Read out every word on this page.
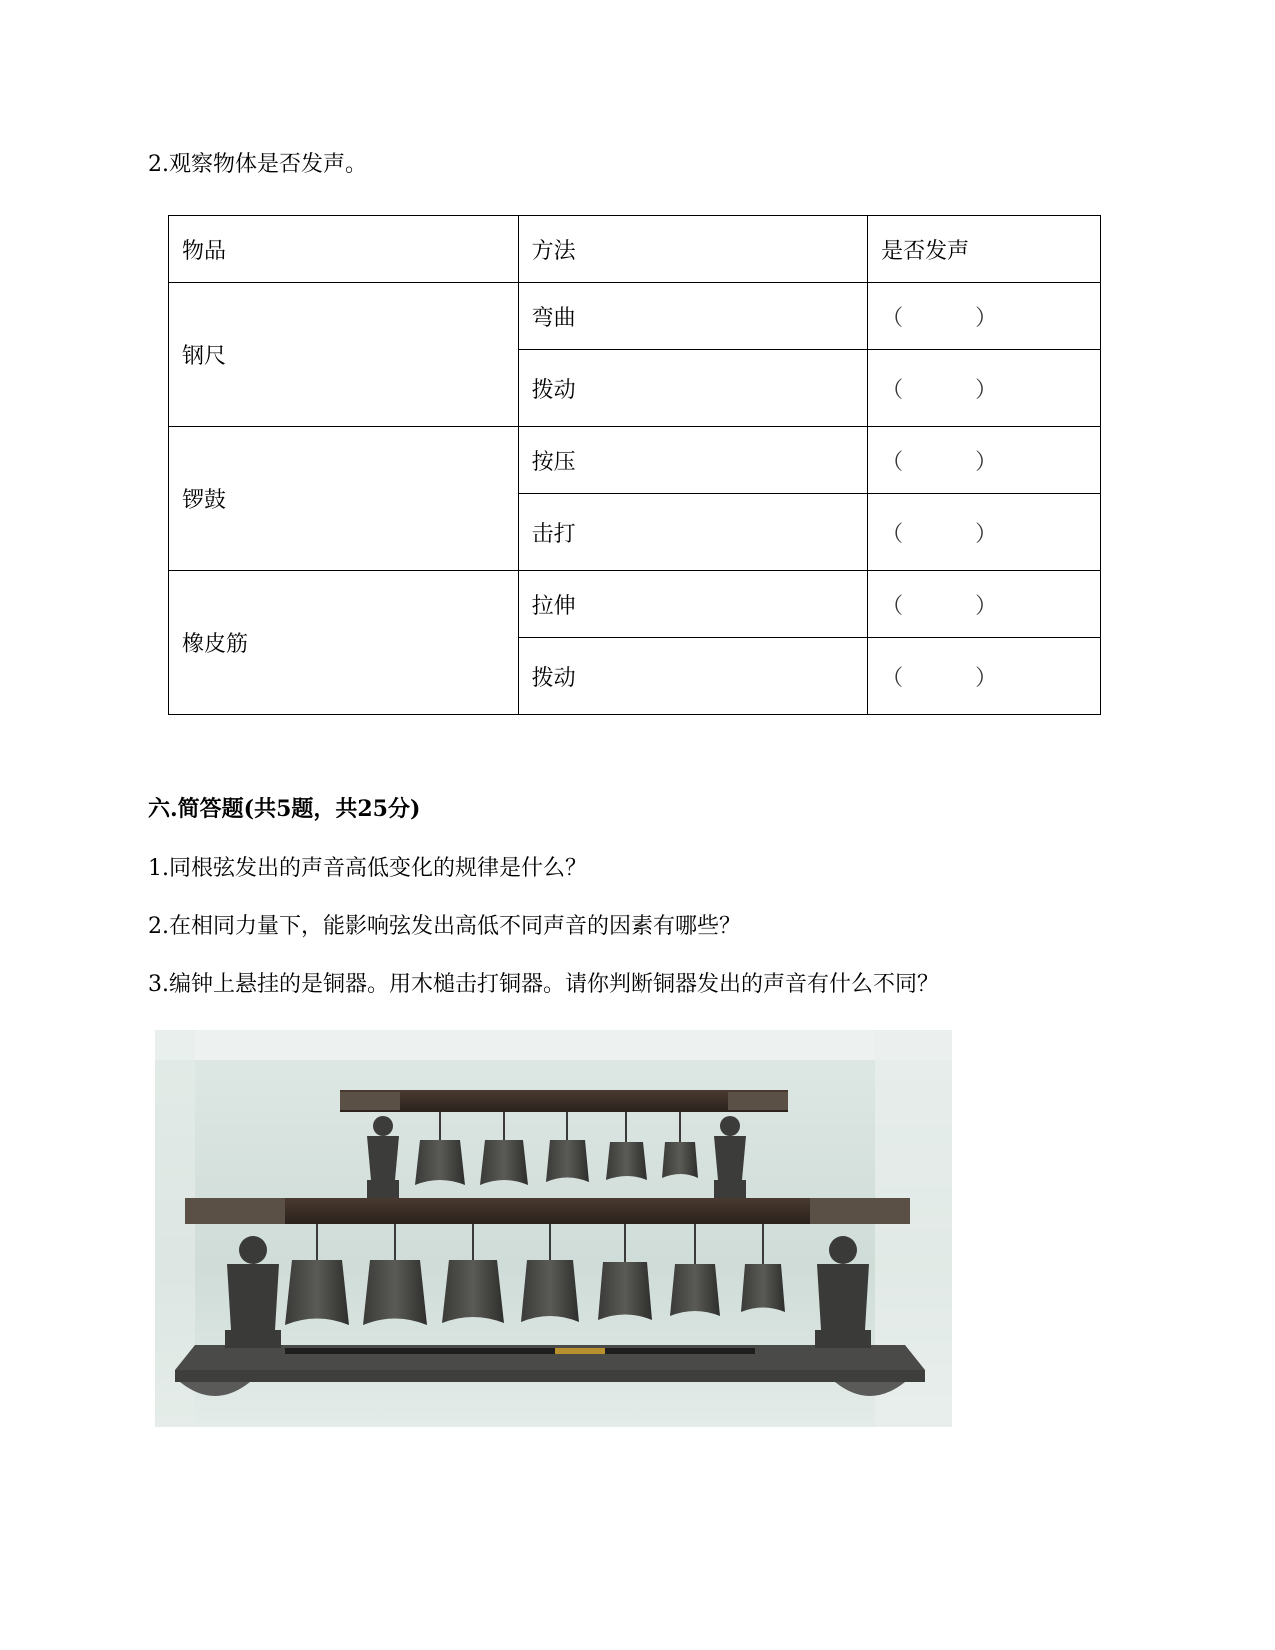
2.观察物体是否发声。
物品	方法	是否发声
钢尺	弯曲	（ ）
	拨动	（ ）
锣鼓	按压	（ ）
	击打	（ ）
橡皮筋	拉伸	（ ）
	拨动	（ ）
六.简答题(共5题，共25分)
1.同根弦发出的声音高低变化的规律是什么？
2.在相同力量下，能影响弦发出高低不同声音的因素有哪些？
3.编钟上悬挂的是铜器。用木槌击打铜器。请你判断铜器发出的声音有什么不同？
